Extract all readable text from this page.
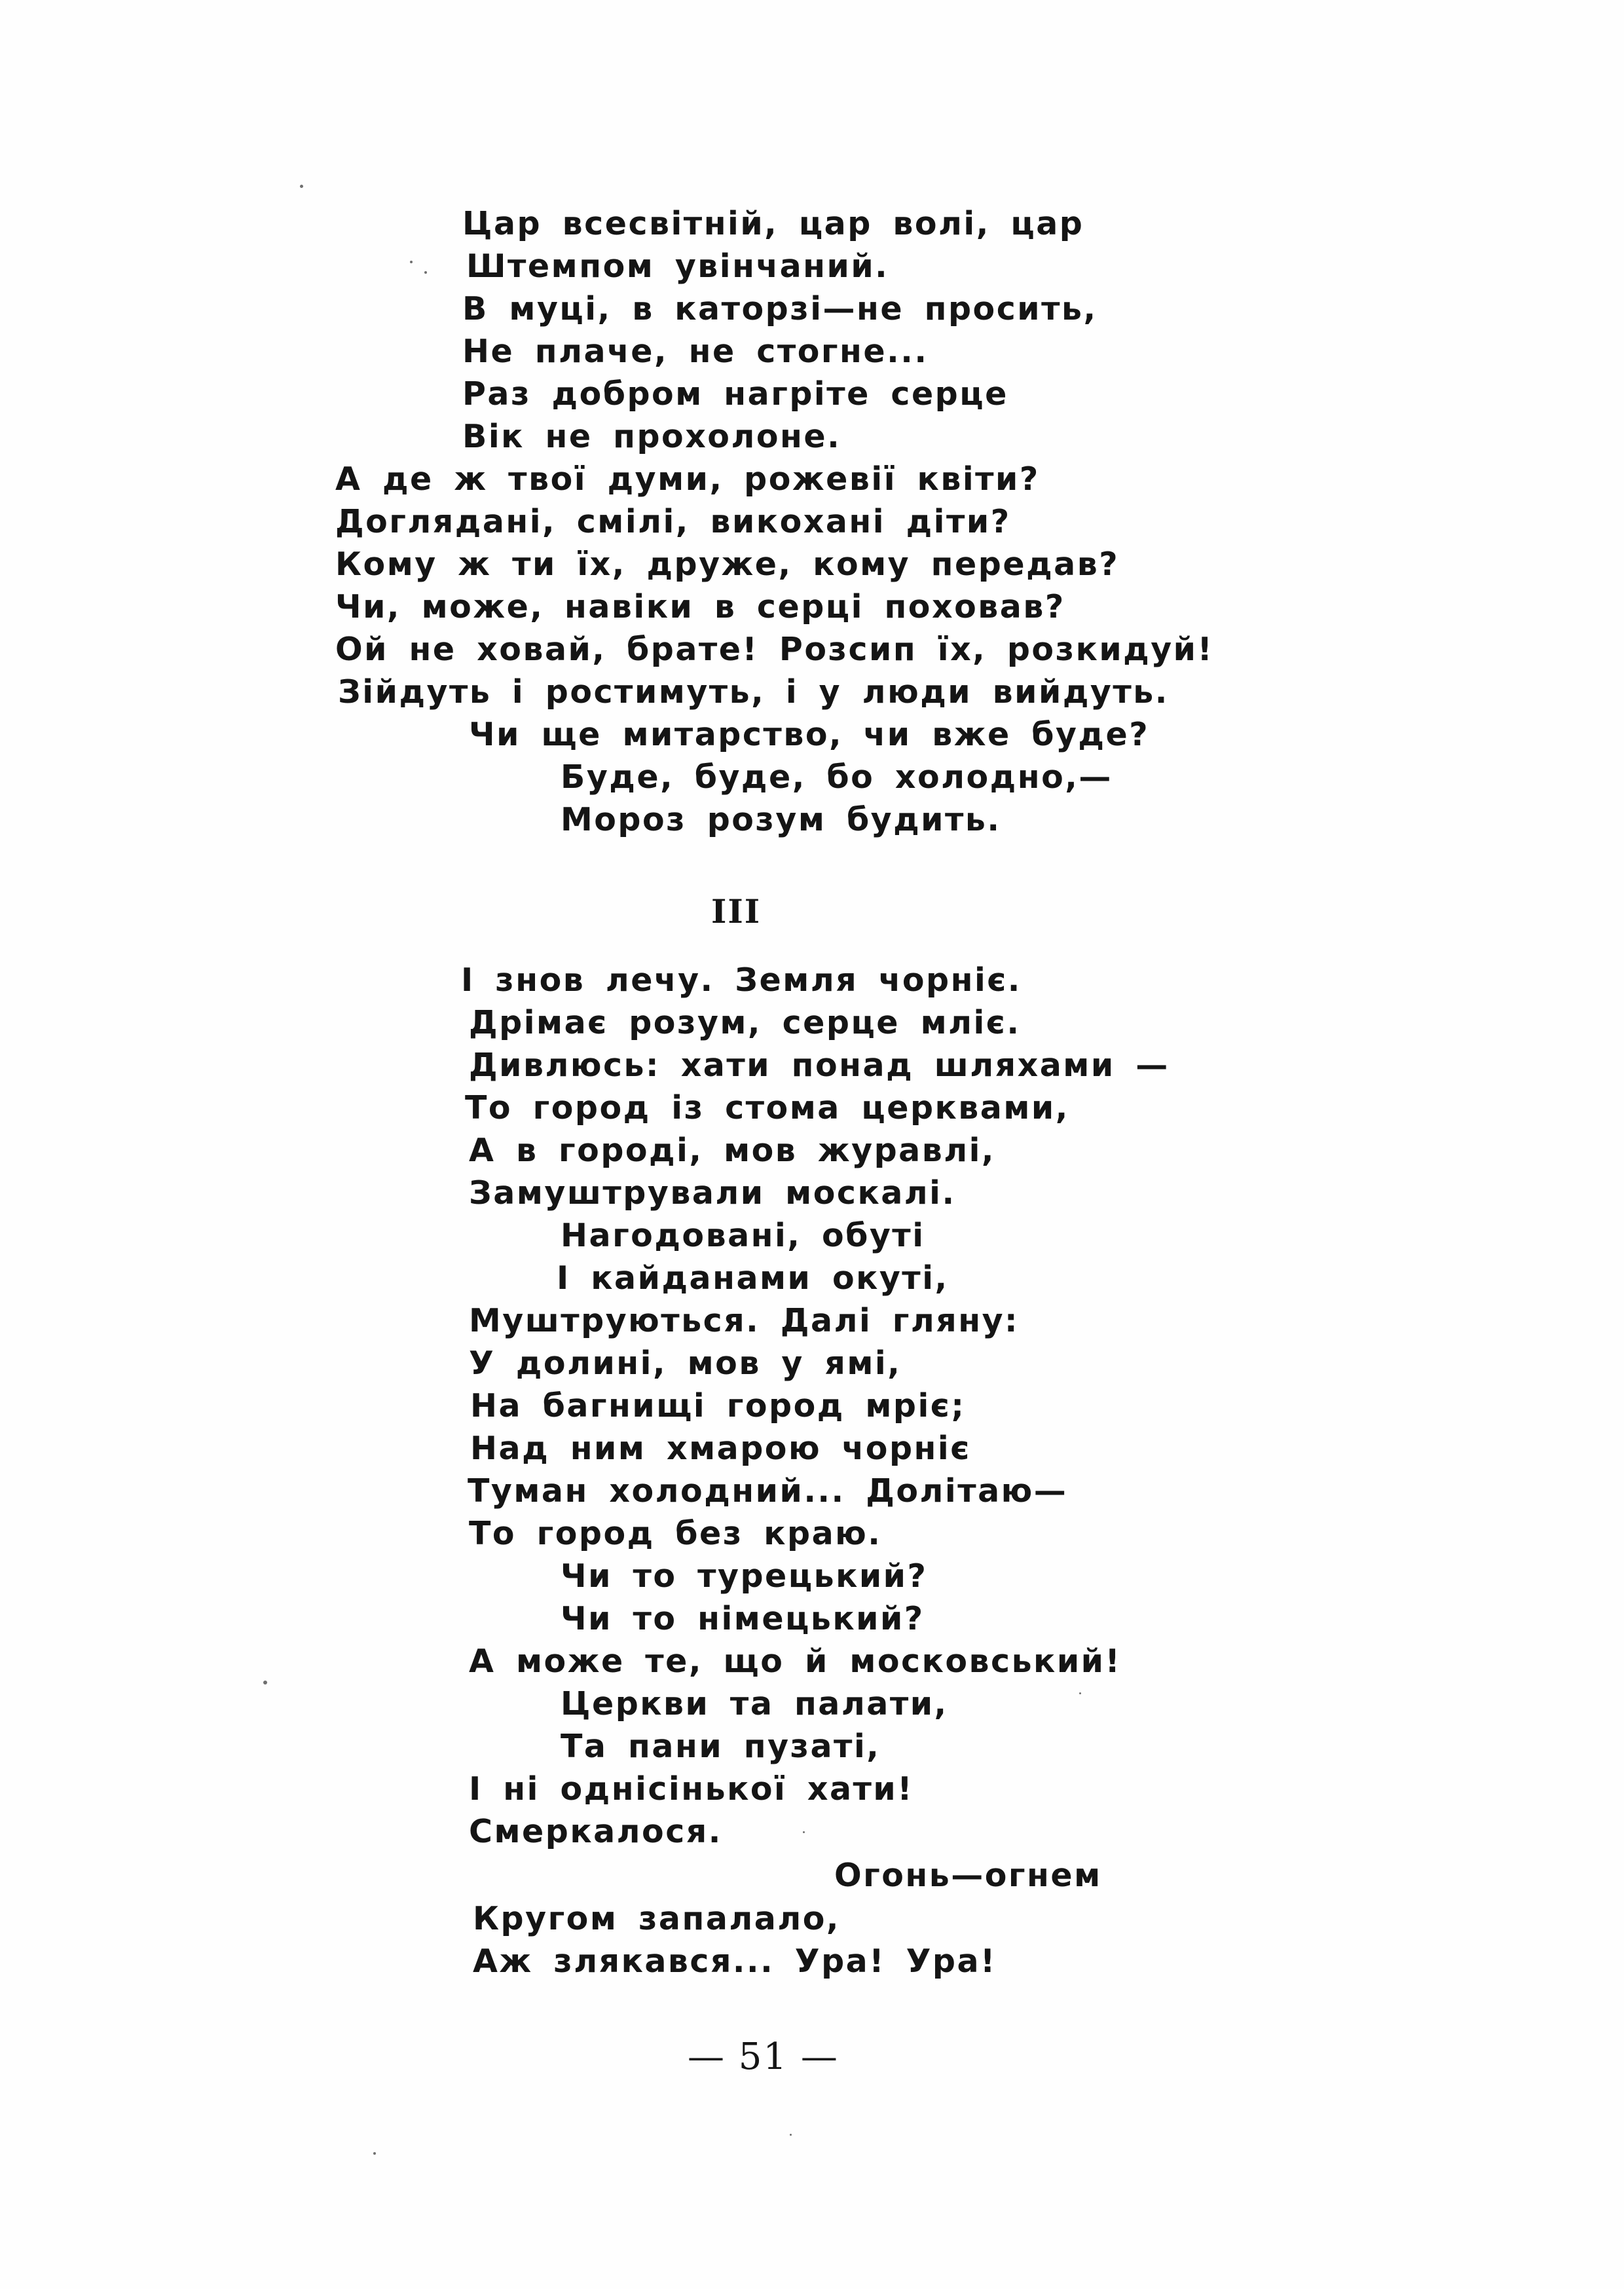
Цар всесвітній, цар волі, цар
Штемпом увінчаний.
В муці, в каторзі—не просить,
Не плаче, не стогне...
Раз добром нагріте серце
Вік не прохолоне.
А де ж твої думи, рожевії квіти?
Доглядані, смілі, викохані діти?
Кому ж ти їх, друже, кому передав?
Чи, може, навіки в серці поховав?
Ой не ховай, брате! Розсип їх, розкидуй!
Зійдуть і ростимуть, і у люди вийдуть.
Чи ще митарство, чи вже буде?
Буде, буде, бо холодно,—
Мороз розум будить.
III
І знов лечу. Земля чорніє.
Дрімає розум, серце мліє.
Дивлюсь: хати понад шляхами —
То город із стома церквами,
А в городі, мов журавлі,
Замуштрували москалі.
Нагодовані, обуті
І кайданами окуті,
Муштруються. Далі гляну:
У долині, мов у ямі,
На багнищі город мріє;
Над ним хмарою чорніє
Туман холодний... Долітаю—
То город без краю.
Чи то турецький?
Чи то німецький?
А може те, що й московський!
Церкви та палати,
Та пани пузаті,
І ні однісінької хати!
Смеркалося.
Огонь—огнем
Кругом запалало,
Аж злякався... Ура! Ура!
— 51 —
